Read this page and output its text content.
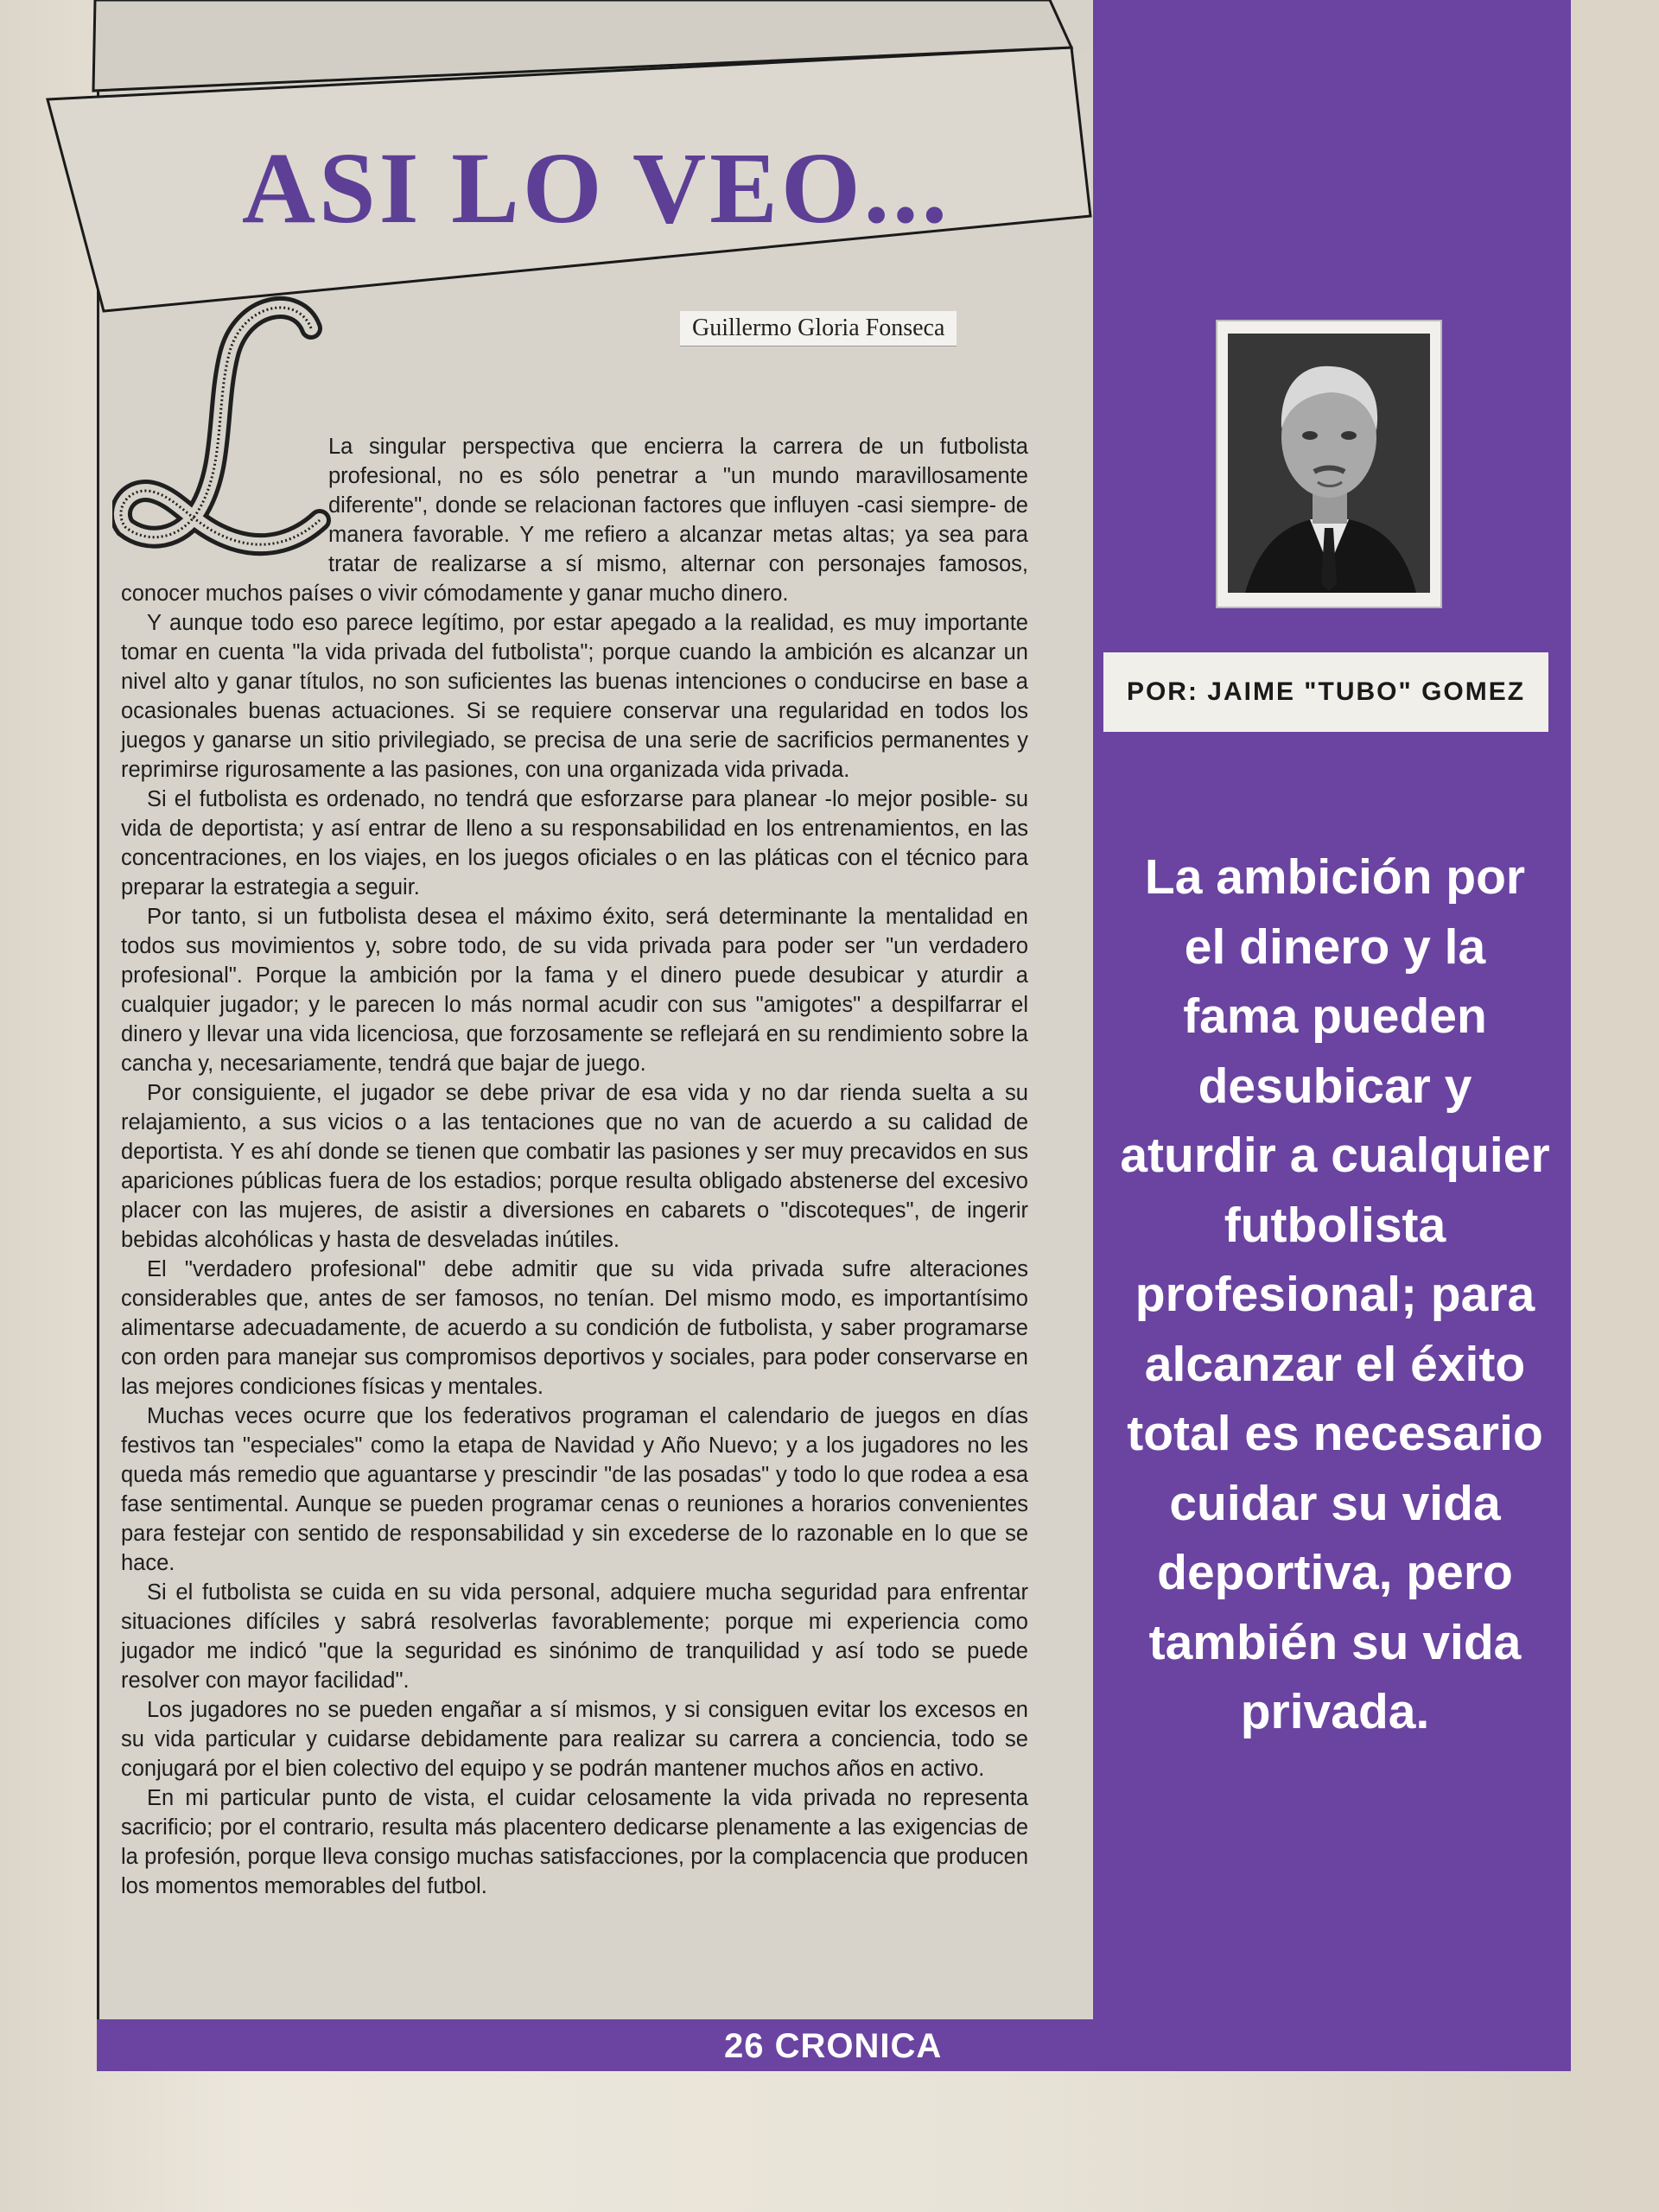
ASI LO VEO...
Guillermo Gloria Fonseca

La singular perspectiva que encierra la carrera de un futbolista profesional, no es sólo penetrar a "un mundo maravillosamente diferente", donde se relacionan factores que influyen -casi siempre- de manera favorable. Y me refiero a alcanzar metas altas; ya sea para tratar de realizarse a sí mismo, alternar con personajes famosos, conocer muchos países o vivir cómodamente y ganar mucho dinero.

Y aunque todo eso parece legítimo, por estar apegado a la realidad, es muy importante tomar en cuenta "la vida privada del futbolista"; porque cuando la ambición es alcanzar un nivel alto y ganar títulos, no son suficientes las buenas intenciones o conducirse en base a ocasionales buenas actuaciones. Si se requiere conservar una regularidad en todos los juegos y ganarse un sitio privilegiado, se precisa de una serie de sacrificios permanentes y reprimirse rigurosamente a las pasiones, con una organizada vida privada.

Si el futbolista es ordenado, no tendrá que esforzarse para planear -lo mejor posible- su vida de deportista; y así entrar de lleno a su responsabilidad en los entrenamientos, en las concentraciones, en los viajes, en los juegos oficiales o en las pláticas con el técnico para preparar la estrategia a seguir.

Por tanto, si un futbolista desea el máximo éxito, será determinante la mentalidad en todos sus movimientos y, sobre todo, de su vida privada para poder ser "un verdadero profesional". Porque la ambición por la fama y el dinero puede desubicar y aturdir a cualquier jugador; y le parecen lo más normal acudir con sus "amigotes" a despilfarrar el dinero y llevar una vida licenciosa, que forzosamente se reflejará en su rendimiento sobre la cancha y, necesariamente, tendrá que bajar de juego.

Por consiguiente, el jugador se debe privar de esa vida y no dar rienda suelta a su relajamiento, a sus vicios o a las tentaciones que no van de acuerdo a su calidad de deportista. Y es ahí donde se tienen que combatir las pasiones y ser muy precavidos en sus apariciones públicas fuera de los estadios; porque resulta obligado abstenerse del excesivo placer con las mujeres, de asistir a diversiones en cabarets o "discoteques", de ingerir bebidas alcohólicas y hasta de desveladas inútiles.

El "verdadero profesional" debe admitir que su vida privada sufre alteraciones considerables que, antes de ser famosos, no tenían. Del mismo modo, es importantísimo alimentarse adecuadamente, de acuerdo a su condición de futbolista, y saber programarse con orden para manejar sus compromisos deportivos y sociales, para poder conservarse en las mejores condiciones físicas y mentales.

Muchas veces ocurre que los federativos programan el calendario de juegos en días festivos tan "especiales" como la etapa de Navidad y Año Nuevo; y a los jugadores no les queda más remedio que aguantarse y prescindir "de las posadas" y todo lo que rodea a esa fase sentimental. Aunque se pueden programar cenas o reuniones a horarios convenientes para festejar con sentido de responsabilidad y sin excederse de lo razonable en lo que se hace.

Si el futbolista se cuida en su vida personal, adquiere mucha seguridad para enfrentar situaciones difíciles y sabrá resolverlas favorablemente; porque mi experiencia como jugador me indicó "que la seguridad es sinónimo de tranquilidad y así todo se puede resolver con mayor facilidad".

Los jugadores no se pueden engañar a sí mismos, y si consiguen evitar los excesos en su vida particular y cuidarse debidamente para realizar su carrera a conciencia, todo se conjugará por el bien colectivo del equipo y se podrán mantener muchos años en activo.

En mi particular punto de vista, el cuidar celosamente la vida privada no representa sacrificio; por el contrario, resulta más placentero dedicarse plenamente a las exigencias de la profesión, porque lleva consigo muchas satisfacciones, por la complacencia que producen los momentos memorables del futbol.

POR: JAIME "TUBO" GOMEZ
La ambición por
el dinero y la
fama pueden
desubicar y
aturdir a cualquier
futbolista
profesional; para
alcanzar el éxito
total es necesario
cuidar su vida
deportiva, pero
también su vida
privada.
26 CRONICA
